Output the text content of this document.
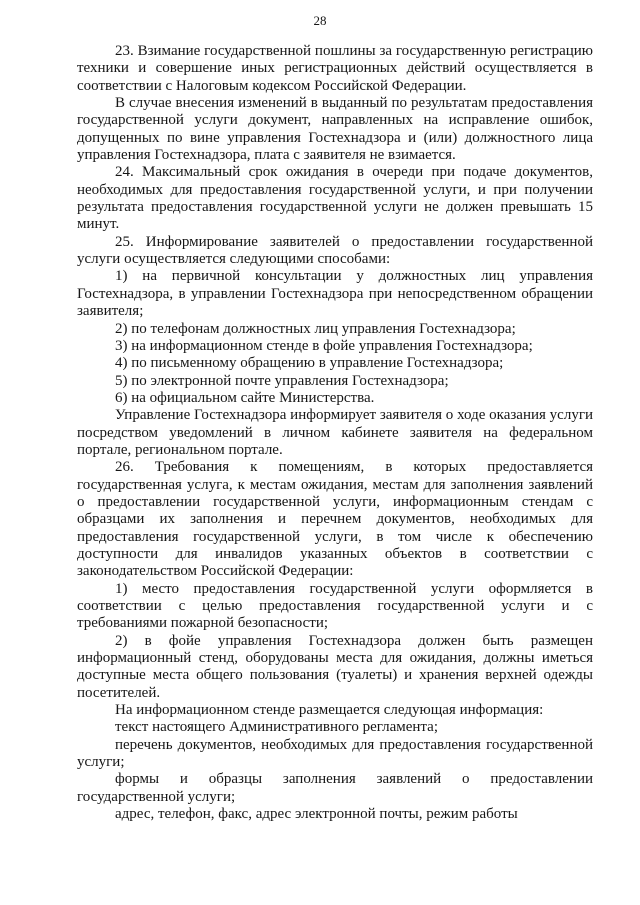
28

23. Взимание государственной пошлины за государственную регистрацию техники и совершение иных регистрационных действий осуществляется в соответствии с Налоговым кодексом Российской Федерации.

В случае внесения изменений в выданный по результатам предоставления государственной услуги документ, направленных на исправление ошибок, допущенных по вине управления Гостехнадзора и (или) должностного лица управления Гостехнадзора, плата с заявителя не взимается.

24. Максимальный срок ожидания в очереди при подаче документов, необходимых для предоставления государственной услуги, и при получении результата предоставления государственной услуги не должен превышать 15 минут.

25. Информирование заявителей о предоставлении государственной услуги осуществляется следующими способами:

1) на первичной консультации у должностных лиц управления Гостехнадзора, в управлении Гостехнадзора при непосредственном обращении заявителя;

2) по телефонам должностных лиц управления Гостехнадзора;

3) на информационном стенде в фойе управления Гостехнадзора;

4) по письменному обращению в управление Гостехнадзора;

5) по электронной почте управления Гостехнадзора;

6) на официальном сайте Министерства.

Управление Гостехнадзора информирует заявителя о ходе оказания услуги посредством уведомлений в личном кабинете заявителя на федеральном портале, региональном портале.

26. Требования к помещениям, в которых предоставляется государственная услуга, к местам ожидания, местам для заполнения заявлений о предоставлении государственной услуги, информационным стендам с образцами их заполнения и перечнем документов, необходимых для предоставления государственной услуги, в том числе к обеспечению доступности для инвалидов указанных объектов в соответствии с законодательством Российской Федерации:

1) место предоставления государственной услуги оформляется в соответствии с целью предоставления государственной услуги и с требованиями пожарной безопасности;

2) в фойе управления Гостехнадзора должен быть размещен информационный стенд, оборудованы места для ожидания, должны иметься доступные места общего пользования (туалеты) и хранения верхней одежды посетителей.

На информационном стенде размещается следующая информация:

текст настоящего Административного регламента;

перечень документов, необходимых для предоставления государственной услуги;

формы и образцы заполнения заявлений о предоставлении государственной услуги;

адрес, телефон, факс, адрес электронной почты, режим работы
